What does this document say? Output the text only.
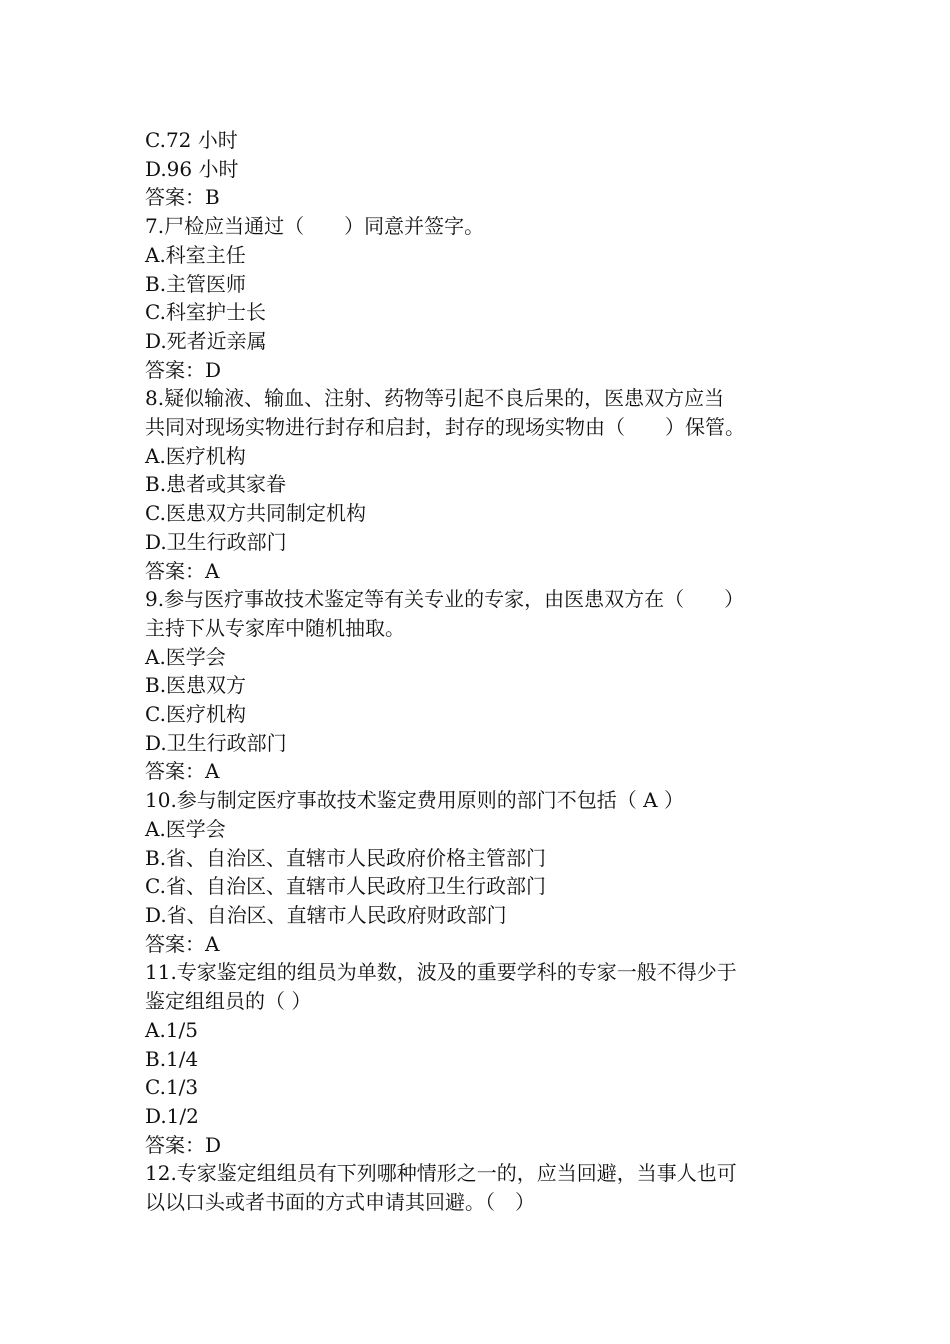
C.72 小时
D.96 小时
答案：B
7.尸检应当通过（　　）同意并签字。
A.科室主任
B.主管医师
C.科室护士长
D.死者近亲属
答案：D
8.疑似输液、输血、注射、药物等引起不良后果的，医患双方应当
共同对现场实物进行封存和启封，封存的现场实物由（　　）保管。
A.医疗机构
B.患者或其家眷
C.医患双方共同制定机构
D.卫生行政部门
答案：A
9.参与医疗事故技术鉴定等有关专业的专家，由医患双方在（　　）
主持下从专家库中随机抽取。
A.医学会
B.医患双方
C.医疗机构
D.卫生行政部门
答案：A
10.参与制定医疗事故技术鉴定费用原则的部门不包括（ A ）
A.医学会
B.省、自治区、直辖市人民政府价格主管部门
C.省、自治区、直辖市人民政府卫生行政部门
D.省、自治区、直辖市人民政府财政部门
答案：A
11.专家鉴定组的组员为单数，波及的重要学科的专家一般不得少于
鉴定组组员的（ ）
A.1/5
B.1/4
C.1/3
D.1/2
答案：D
12.专家鉴定组组员有下列哪种情形之一的，应当回避，当事人也可
以以口头或者书面的方式申请其回避。（　）
